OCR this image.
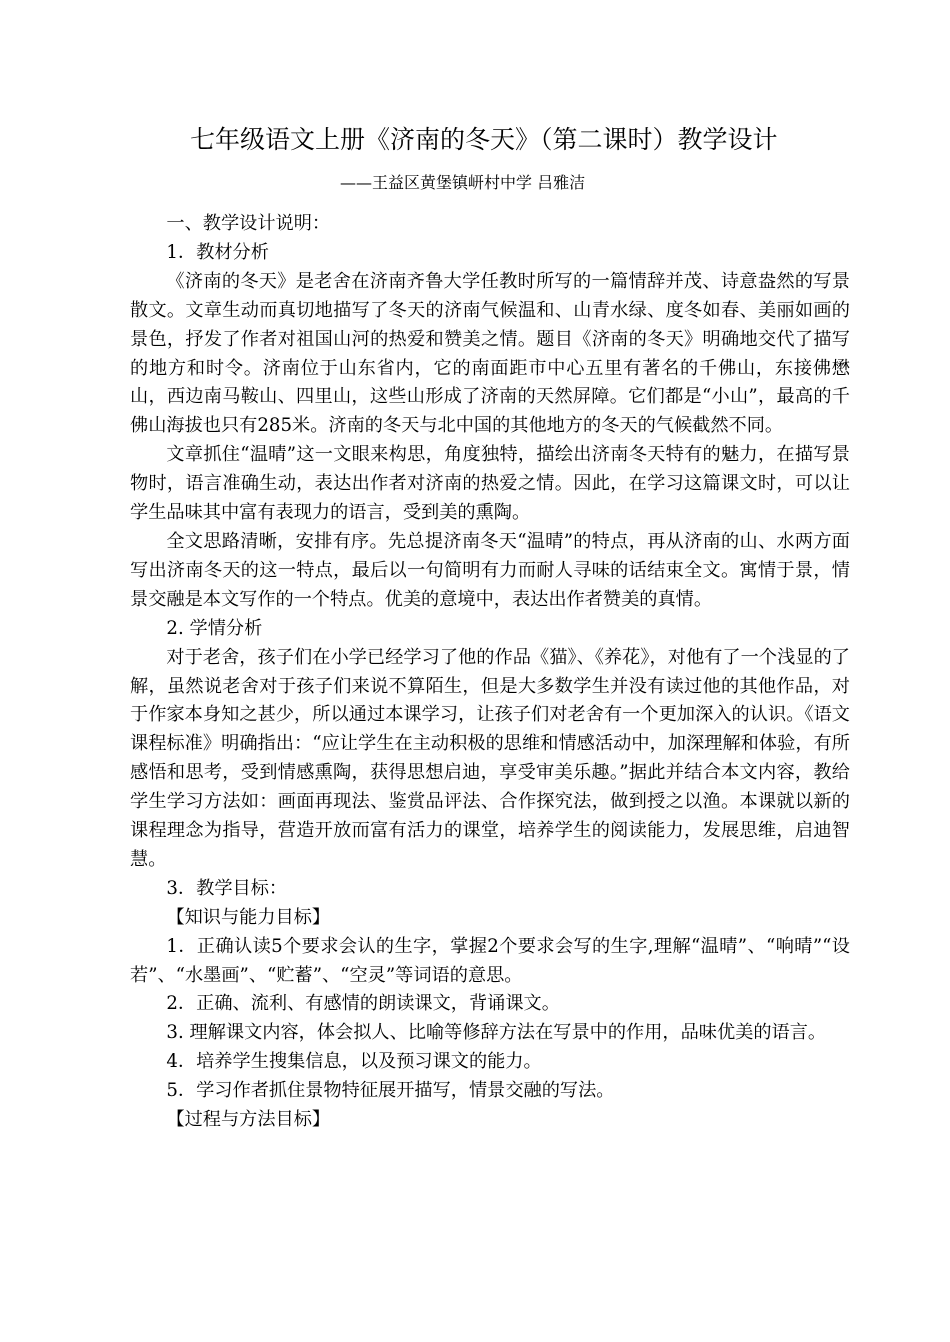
七年级语文上册《济南的冬天》（第二课时）教学设计
——王益区黄堡镇岍村中学 吕雅洁

一、教学设计说明：

1．教材分析

《济南的冬天》是老舍在济南齐鲁大学任教时所写的一篇情辞并茂、诗意盎然的写景散文。文章生动而真切地描写了冬天的济南气候温和、山青水绿、度冬如春、美丽如画的景色，抒发了作者对祖国山河的热爱和赞美之情。题目《济南的冬天》明确地交代了描写的地方和时令。济南位于山东省内，它的南面距市中心五里有著名的千佛山，东接佛懋山，西边南马鞍山、四里山，这些山形成了济南的天然屏障。它们都是“小山”，最高的千佛山海拔也只有285米。济南的冬天与北中国的其他地方的冬天的气候截然不同。

文章抓住“温晴”这一文眼来构思，角度独特，描绘出济南冬天特有的魅力，在描写景物时，语言准确生动，表达出作者对济南的热爱之情。因此，在学习这篇课文时，可以让学生品味其中富有表现力的语言，受到美的熏陶。

全文思路清晰，安排有序。先总提济南冬天“温晴”的特点，再从济南的山、水两方面写出济南冬天的这一特点，最后以一句简明有力而耐人寻味的话结束全文。寓情于景，情景交融是本文写作的一个特点。优美的意境中，表达出作者赞美的真情。

2. 学情分析

对于老舍，孩子们在小学已经学习了他的作品《猫》、《养花》，对他有了一个浅显的了解，虽然说老舍对于孩子们来说不算陌生，但是大多数学生并没有读过他的其他作品，对于作家本身知之甚少，所以通过本课学习，让孩子们对老舍有一个更加深入的认识。《语文课程标准》明确指出：“应让学生在主动积极的思维和情感活动中，加深理解和体验，有所感悟和思考，受到情感熏陶，获得思想启迪，享受审美乐趣。”据此并结合本文内容，教给学生学习方法如：画面再现法、鉴赏品评法、合作探究法，做到授之以渔。本课就以新的课程理念为指导，营造开放而富有活力的课堂，培养学生的阅读能力，发展思维，启迪智慧。

3．教学目标：

【知识与能力目标】

1．正确认读5个要求会认的生字，掌握2个要求会写的生字,理解“温晴”、“响晴”“设若”、“水墨画”、“贮蓄”、“空灵”等词语的意思。

2．正确、流利、有感情的朗读课文，背诵课文。

3. 理解课文内容，体会拟人、比喻等修辞方法在写景中的作用，品味优美的语言。

4．培养学生搜集信息，以及预习课文的能力。

5．学习作者抓住景物特征展开描写，情景交融的写法。

【过程与方法目标】
